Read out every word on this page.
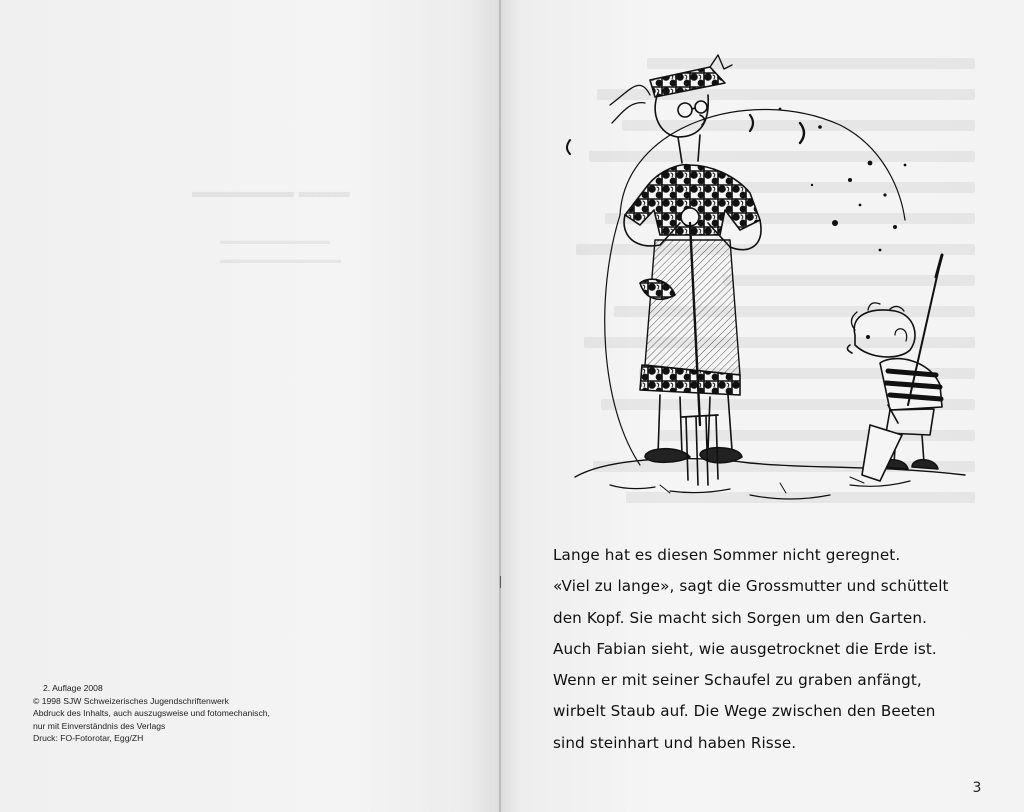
▬▬▬ ▬▬▬▬▬▬
▬▬▬▬▬▬▬▬▬▬
▬▬▬▬▬▬▬▬▬▬▬
2. Auflage 2008
© 1998 SJW Schweizerisches Jugendschriftenwerk
Abdruck des Inhalts, auch auszugsweise und fotomechanisch,
nur mit Einverständnis des Verlags
Druck: FO-Fotorotar, Egg/ZH
Lange hat es diesen Sommer nicht geregnet.
«Viel zu lange», sagt die Grossmutter und schüttelt
den Kopf. Sie macht sich Sorgen um den Garten.
Auch Fabian sieht, wie ausgetrocknet die Erde ist.
Wenn er mit seiner Schaufel zu graben anfängt,
wirbelt Staub auf. Die Wege zwischen den Beeten
sind steinhart und haben Risse.
3
